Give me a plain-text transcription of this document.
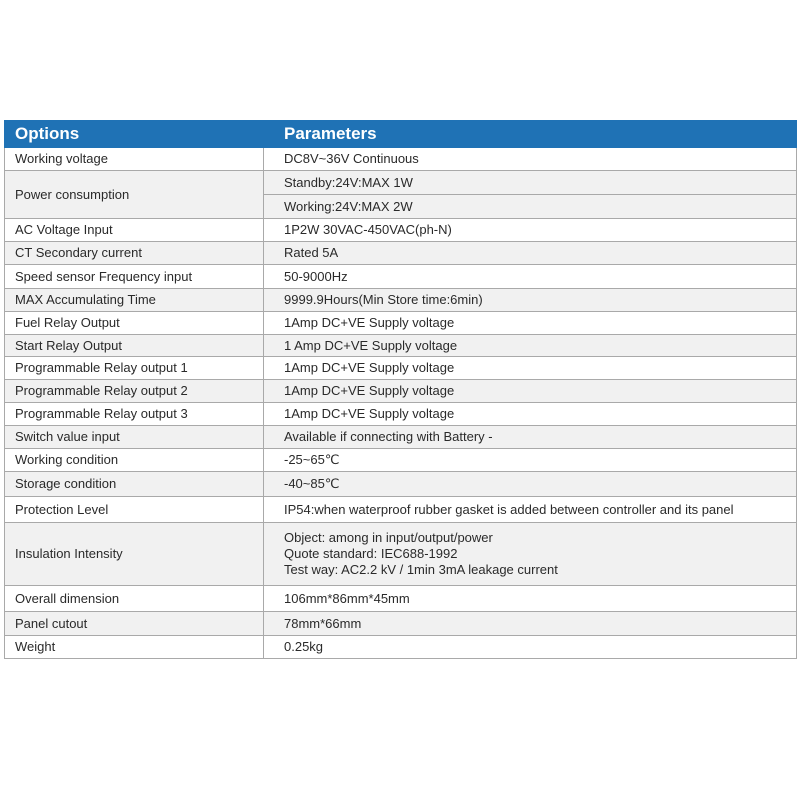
Options	Parameters
Working voltage	DC8V~36V Continuous
Power consumption	Standby:24V:MAX 1W
	Working:24V:MAX 2W
AC Voltage Input	1P2W 30VAC-450VAC(ph-N)
CT Secondary current	Rated 5A
Speed sensor Frequency input	50-9000Hz
MAX Accumulating Time	9999.9Hours(Min Store time:6min)
Fuel Relay Output	1Amp DC+VE Supply voltage
Start Relay Output	1 Amp DC+VE Supply voltage
Programmable Relay output 1	1Amp DC+VE Supply voltage
Programmable Relay output 2	1Amp DC+VE Supply voltage
Programmable Relay output 3	1Amp DC+VE Supply voltage
Switch value input	Available if connecting with Battery -
Working condition	-25~65℃
Storage condition	-40~85℃
Protection Level	IP54:when waterproof rubber gasket is added between controller and its panel
Insulation Intensity	Object: among in input/output/power
Quote standard: IEC688-1992
Test way: AC2.2 kV / 1min 3mA leakage current

Overall dimension	106mm*86mm*45mm
Panel cutout	78mm*66mm
Weight	0.25kg
